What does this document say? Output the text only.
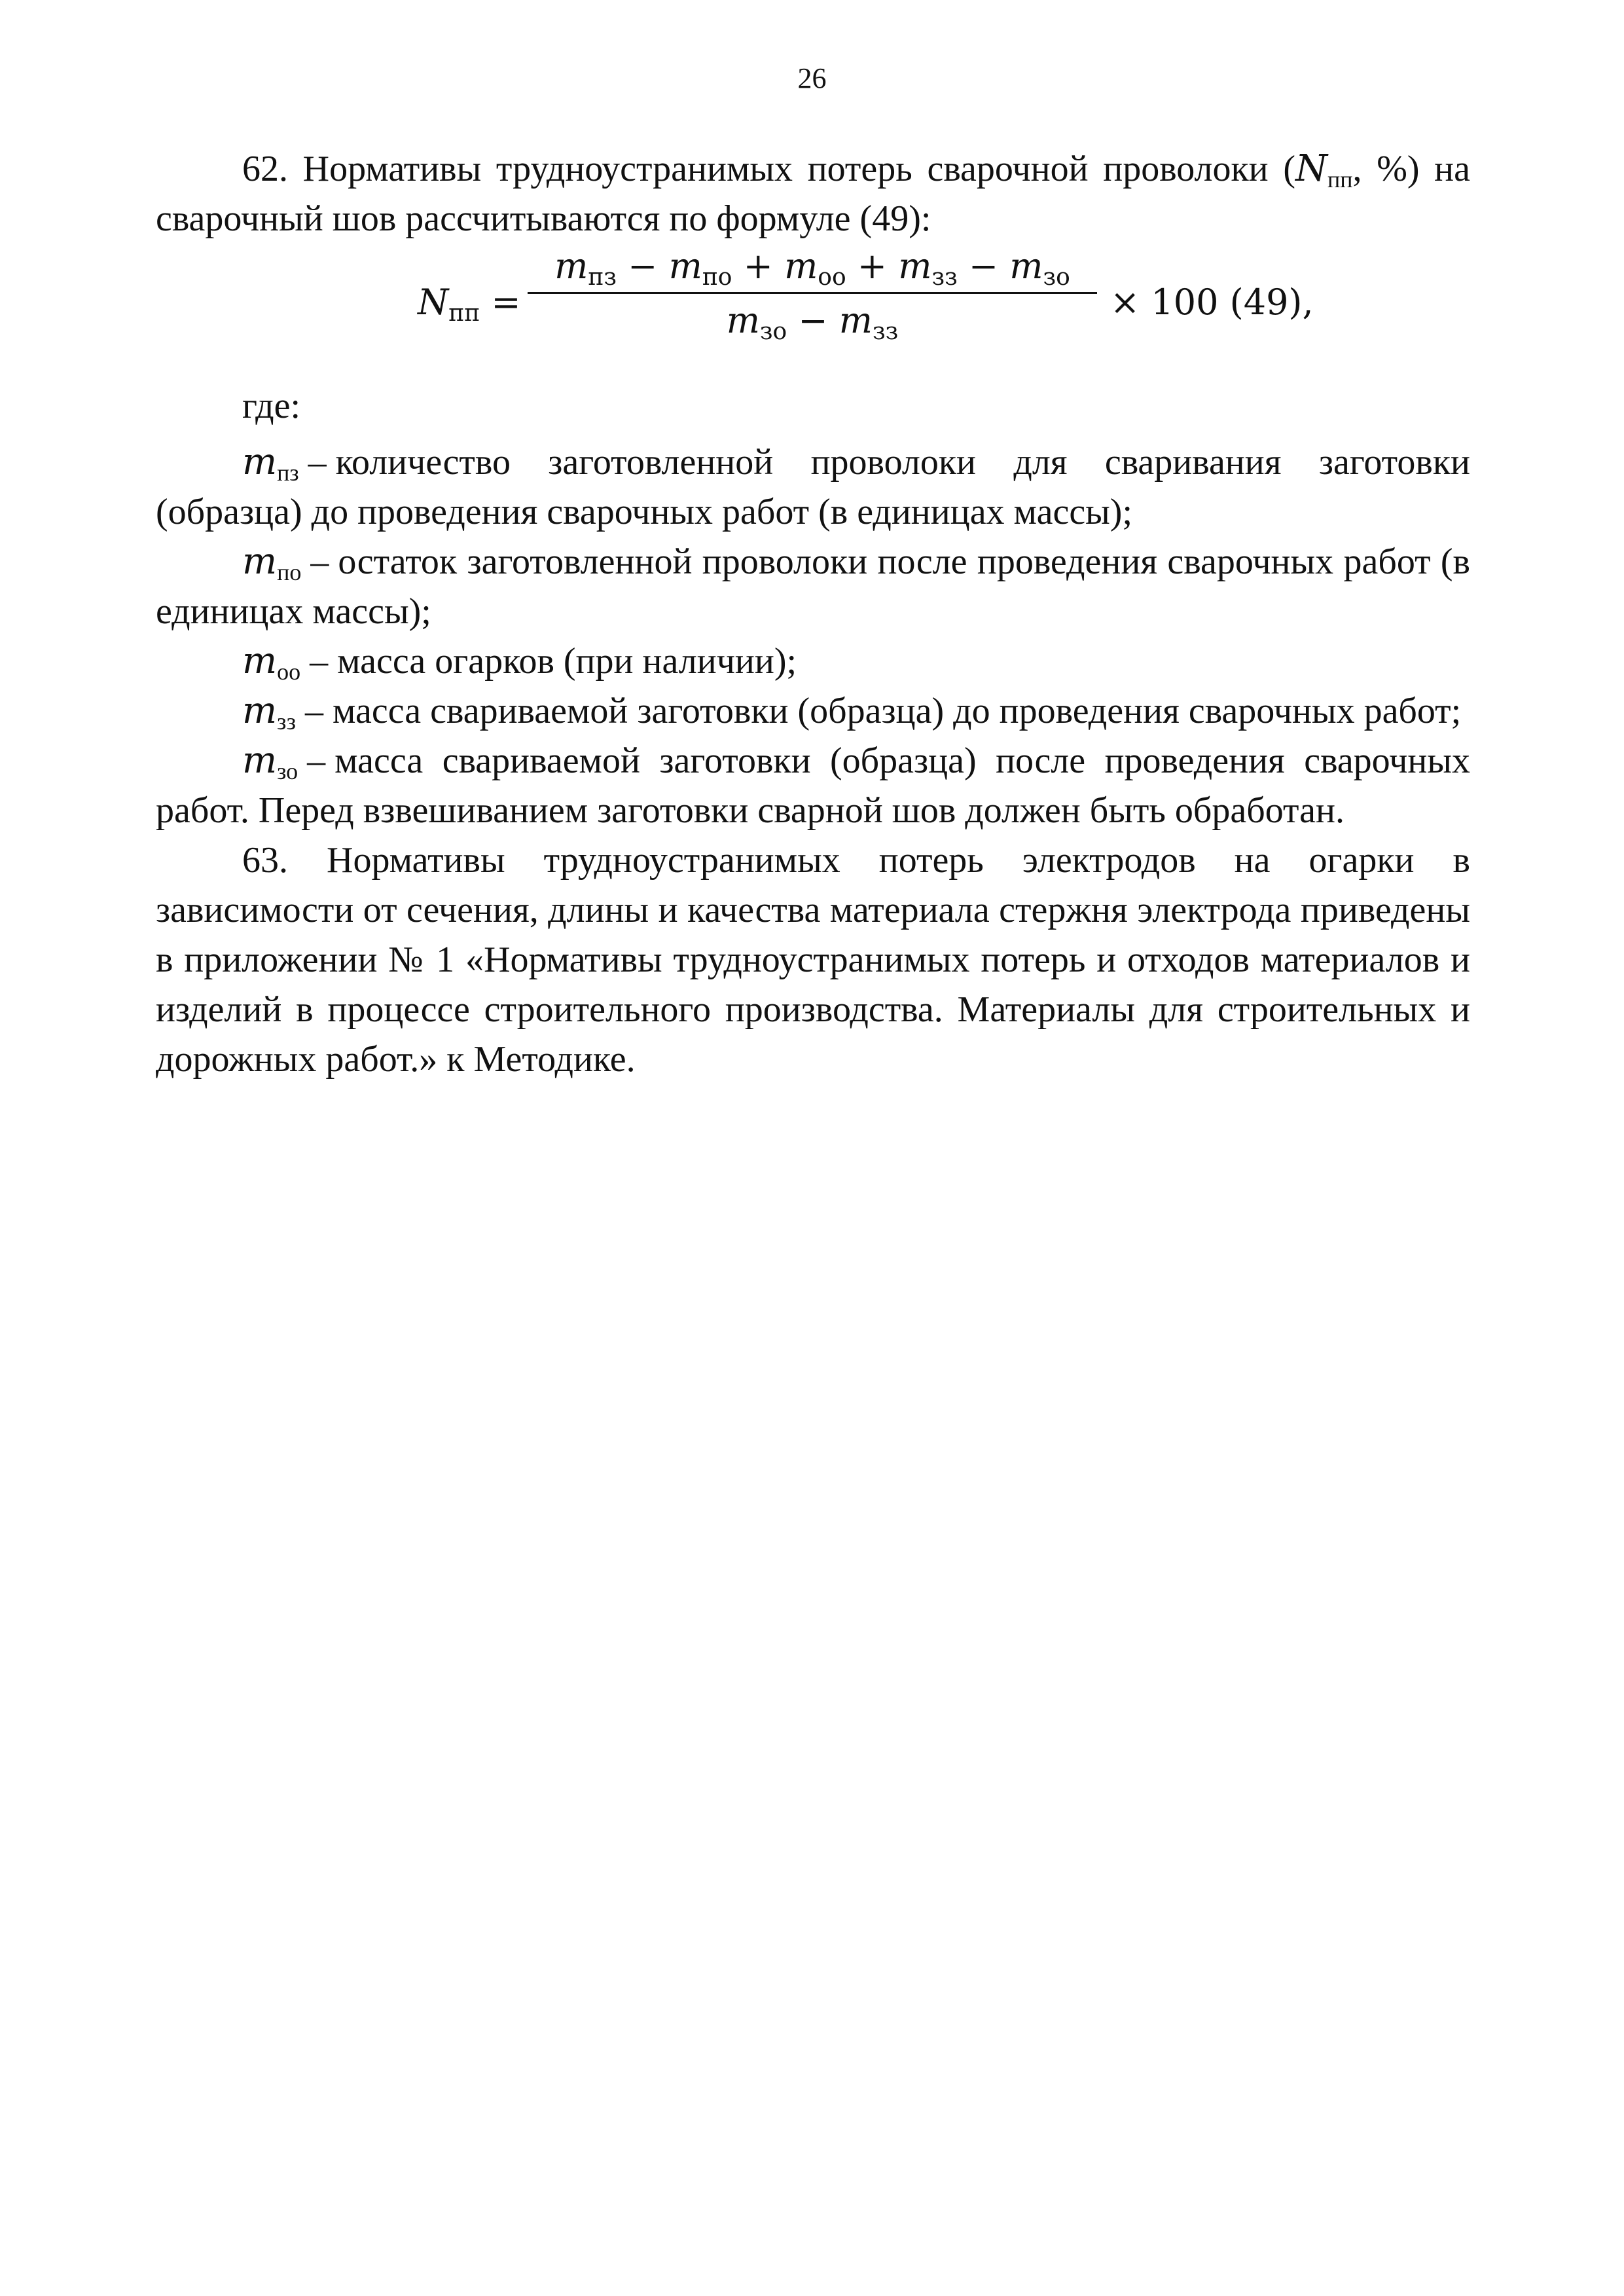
26

62. Нормативы трудноустранимых потерь сварочной проволоки ($N_{пп}$, %) на сварочный шов рассчитываются по формуле (49):

$N_{пп}$ =
$m_{пз} - m_{по} + m_{оо} + m_{зз} - m_{зо}$
$m_{зо} - m_{зз}$
× 100 (49),

где:

$m_{пз}$ – количество заготовленной проволоки для сваривания заготовки (образца) до проведения сварочных работ (в единицах массы);

$m_{по}$ – остаток заготовленной проволоки после проведения сварочных работ (в единицах массы);

$m_{оо}$ – масса огарков (при наличии);

$m_{зз}$ – масса свариваемой заготовки (образца) до проведения сварочных работ;

$m_{зо}$ – масса свариваемой заготовки (образца) после проведения сварочных работ. Перед взвешиванием заготовки сварной шов должен быть обработан.

63. Нормативы трудноустранимых потерь электродов на огарки в зависимости от сечения, длины и качества материала стержня электрода приведены в приложении № 1 «Нормативы трудноустранимых потерь и отходов материалов и изделий в процессе строительного производства. Материалы для строительных и дорожных работ.» к Методике.
